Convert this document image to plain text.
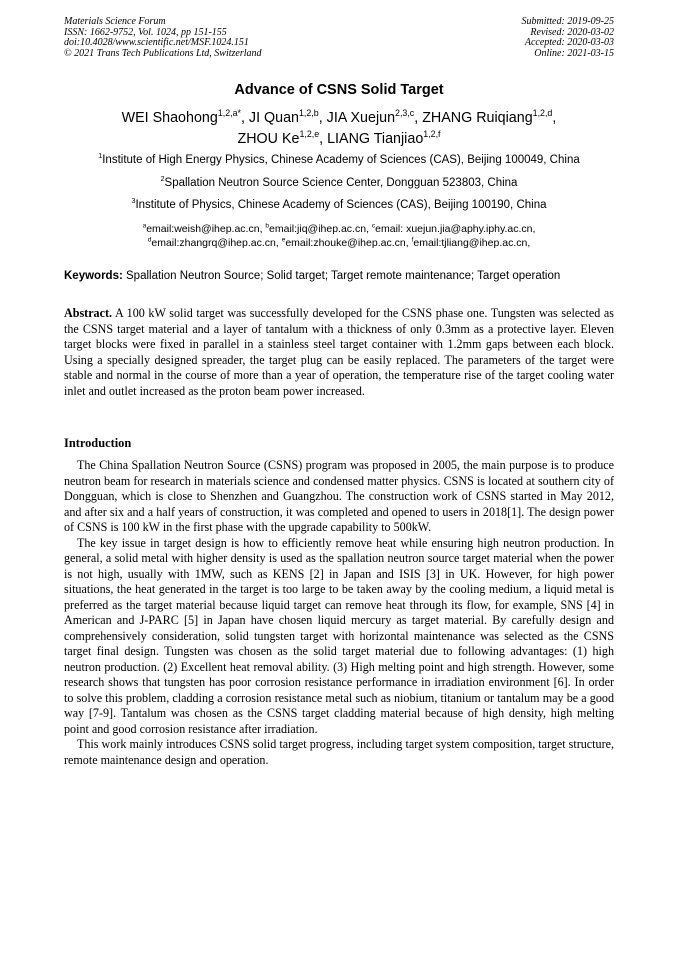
Materials Science Forum
ISSN: 1662-9752, Vol. 1024, pp 151-155
doi:10.4028/www.scientific.net/MSF.1024.151
© 2021 Trans Tech Publications Ltd, Switzerland
Submitted: 2019-09-25
Revised: 2020-03-02
Accepted: 2020-03-03
Online: 2021-03-15
Advance of CSNS Solid Target
WEI Shaohong$^{1,2,a*}$, JI Quan$^{1,2,b}$, JIA Xuejun$^{2,3,c}$, ZHANG Ruiqiang$^{1,2,d}$,
ZHOU Ke$^{1,2,e}$, LIANG Tianjiao$^{1,2,f}$
$^1$Institute of High Energy Physics, Chinese Academy of Sciences (CAS), Beijing 100049, China
$^2$Spallation Neutron Source Science Center, Dongguan 523803, China
$^3$Institute of Physics, Chinese Academy of Sciences (CAS), Beijing 100190, China
$^a$email:weish@ihep.ac.cn, $^b$email:jiq@ihep.ac.cn, $^c$email: xuejun.jia@aphy.iphy.ac.cn,
$^d$email:zhangrq@ihep.ac.cn, $^e$email:zhouke@ihep.ac.cn, $^f$email:tjliang@ihep.ac.cn,
Keywords: Spallation Neutron Source; Solid target; Target remote maintenance; Target operation

Abstract. A 100 kW solid target was successfully developed for the CSNS phase one. Tungsten was selected as the CSNS target material and a layer of tantalum with a thickness of only 0.3mm as a protective layer. Eleven target blocks were fixed in parallel in a stainless steel target container with 1.2mm gaps between each block. Using a specially designed spreader, the target plug can be easily replaced. The parameters of the target were stable and normal in the course of more than a year of operation, the temperature rise of the target cooling water inlet and outlet increased as the proton beam power increased.

Introduction

The China Spallation Neutron Source (CSNS) program was proposed in 2005, the main purpose is to produce neutron beam for research in materials science and condensed matter physics. CSNS is located at southern city of Dongguan, which is close to Shenzhen and Guangzhou. The construction work of CSNS started in May 2012, and after six and a half years of construction, it was completed and opened to users in 2018[1]. The design power of CSNS is 100 kW in the first phase with the upgrade capability to 500kW.

The key issue in target design is how to efficiently remove heat while ensuring high neutron production. In general, a solid metal with higher density is used as the spallation neutron source target material when the power is not high, usually with 1MW, such as KENS [2] in Japan and ISIS [3] in UK. However, for high power situations, the heat generated in the target is too large to be taken away by the cooling medium, a liquid metal is preferred as the target material because liquid target can remove heat through its flow, for example, SNS [4] in American and J-PARC [5] in Japan have chosen liquid mercury as target material. By carefully design and comprehensively consideration, solid tungsten target with horizontal maintenance was selected as the CSNS target final design. Tungsten was chosen as the solid target material due to following advantages: (1) high neutron production. (2) Excellent heat removal ability. (3) High melting point and high strength. However, some research shows that tungsten has poor corrosion resistance performance in irradiation environment [6]. In order to solve this problem, cladding a corrosion resistance metal such as niobium, titanium or tantalum may be a good way [7-9]. Tantalum was chosen as the CSNS target cladding material because of high density, high melting point and good corrosion resistance after irradiation.

This work mainly introduces CSNS solid target progress, including target system composition, target structure, remote maintenance design and operation.
